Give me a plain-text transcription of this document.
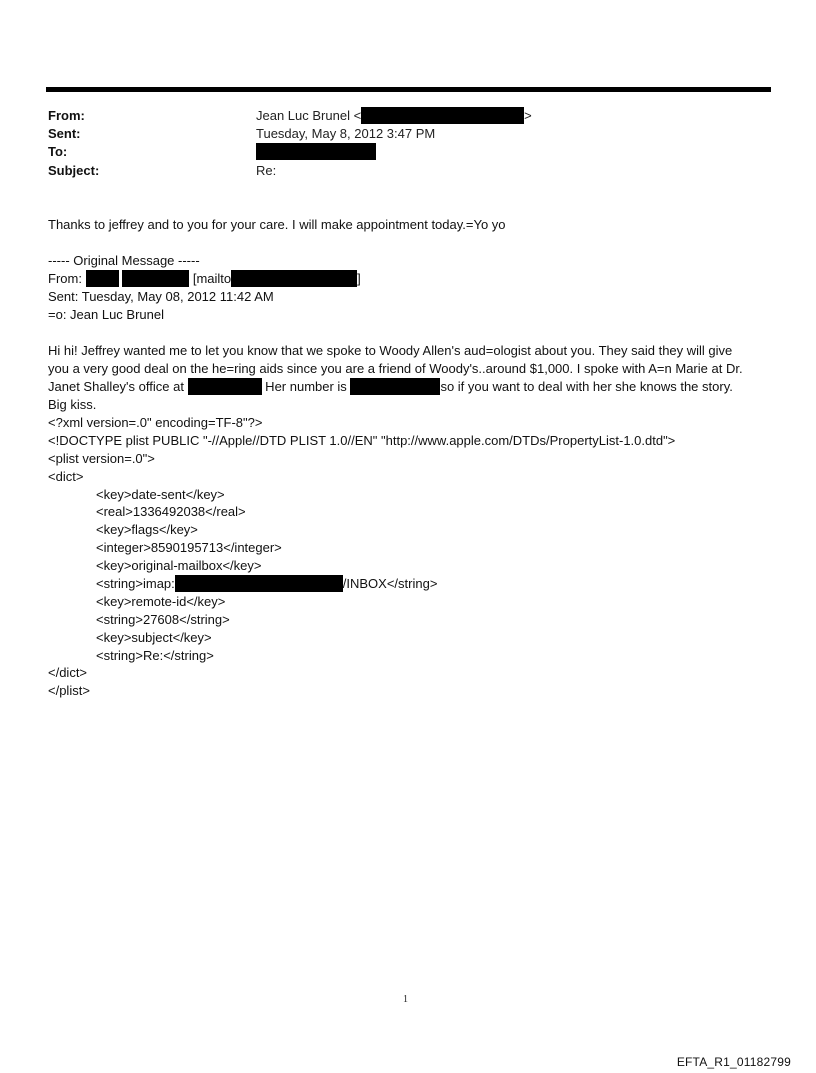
From:	Jean Luc Brunel <	>
Sent:	Tuesday, May 8, 2012 3:47 PM
To:
Subject:	Re:
Thanks to jeffrey and to you for your care. I will make appointment today.=Yo yo
----- Original Message -----
From:	[mailto	]
Sent: Tuesday, May 08, 2012 11:42 AM
=o: Jean Luc Brunel
Hi hi! Jeffrey wanted me to let you know that we spoke to Woody Allen's aud=ologist about you. They said they will give
you a very good deal on the he=ring aids since you are a friend of Woody's..around $1,000. I spoke with A=n Marie at Dr.
Janet Shalley's office at	Her number is	so if you want to deal with her she knows the story.
Big kiss.
<?xml version=.0" encoding=TF-8"?>
<!DOCTYPE plist PUBLIC "-//Apple//DTD PLIST 1.0//EN" "http://www.apple.com/DTDs/PropertyList-1.0.dtd">
<plist version=.0">
<dict>
<key>date-sent</key>
<real>1336492038</real>
<key>flags</key>
<integer>8590195713</integer>
<key>original-mailbox</key>
<string>imap:	/INBOX</string>
<key>remote-id</key>
<string>27608</string>
<key>subject</key>
<string>Re:</string>
</dict>
</plist>
1
EFTA_R1_01182799
